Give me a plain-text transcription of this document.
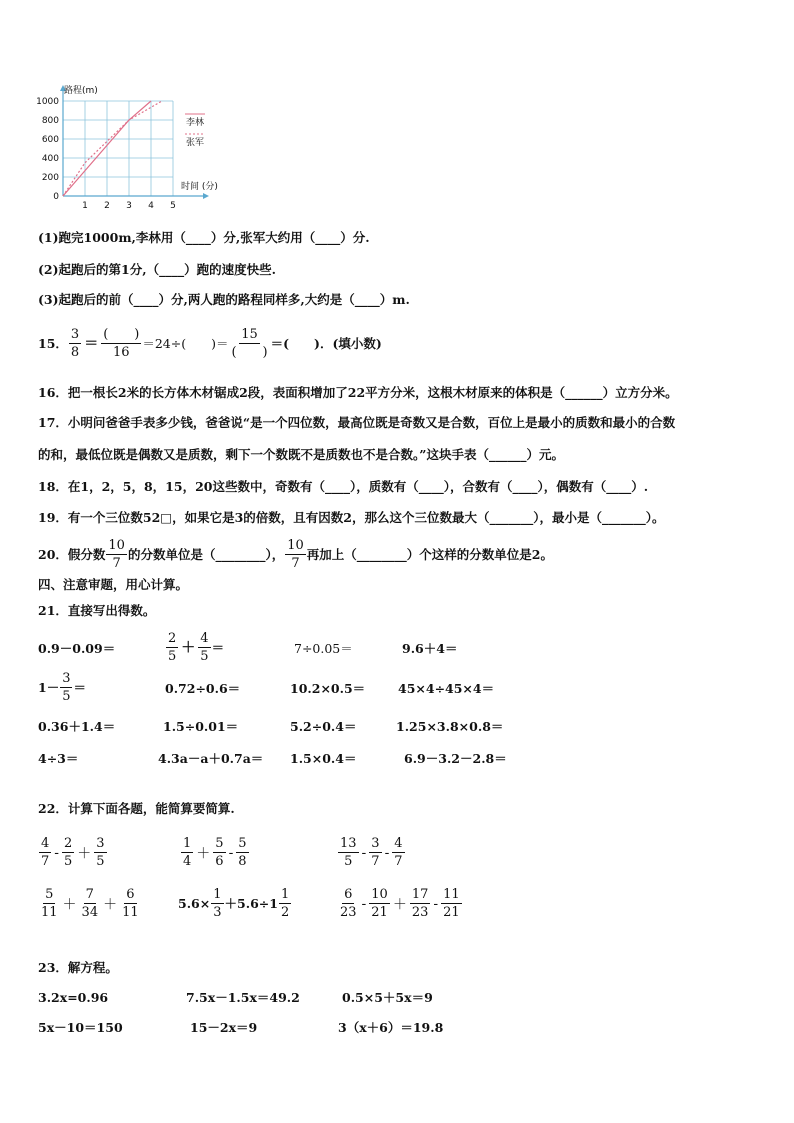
0
200
400
600
800
1000
1 2 3 4 5
路程(m)
时间 (分)
李林
张军
(1)跑完1000m,李林用（____）分,张军大约用（____）分.
(2)起跑后的第1分,（____）跑的速度快些.
(3)起跑后的前（____）分,两人跑的路程同样多,大约是（____）m.
15． $\frac{3}{8} = \frac{( )}{16} =24\div$(　　)＝ $\frac{15}{( )}$ ＝(　　)．(填小数)
16．把一根长2米的长方体木材锯成2段，表面积增加了22平方分米，这根木材原来的体积是（______）立方分米。
17．小明问爸爸手表多少钱，爸爸说“是一个四位数，最高位既是奇数又是合数，百位上是最小的质数和最小的合数
的和，最低位既是偶数又是质数，剩下一个数既不是质数也不是合数。”这块手表（______）元。
18．在1，2，5，8，15，20这些数中，奇数有（____），质数有（____），合数有（____），偶数有（____）.
19．有一个三位数52□，如果它是3的倍数，且有因数2，那么这个三位数最大（_______），最小是（_______）。
20．假分数 $\frac{10}{7}$ 的分数单位是（________）， $\frac{10}{7}$ 再加上（________）个这样的分数单位是2。
四、注意审题，用心计算。
21．直接写出得数。
0.9－0.09＝	$\frac{2}{5} + \frac{4}{5}$ ＝	7÷0.05＝	9.6＋4＝
$1- \frac{3}{5}$ ＝	0.72÷0.6＝	10.2×0.5＝	45×4÷45×4＝
0.36＋1.4＝	1.5÷0.01＝	5.2÷0.4＝	1.25×3.8×0.8＝
4÷3＝	4.3a－a＋0.7a＝ 1.5×0.4＝	6.9－3.2－2.8＝
22．计算下面各题，能简算要简算.
$\frac{4}{7} - \frac{2}{5} + \frac{3}{5}$	$\frac{1}{4} + \frac{5}{6} - \frac{5}{8}$	$\frac{13}{5} - \frac{3}{7} - \frac{4}{7}$
$\frac{5}{11} + \frac{7}{34} + \frac{6}{11}$	$5.6\times \frac{1}{3} +5.6\div 1 \frac{1}{2}$	$\frac{6}{23} - \frac{10}{21} + \frac{17}{23} - \frac{11}{21}$
23．解方程。
3.2x=0.96	7.5x－1.5x＝49.2	0.5×5＋5x＝9
5x－10＝150	15－2x＝9	3（x＋6）＝19.8
